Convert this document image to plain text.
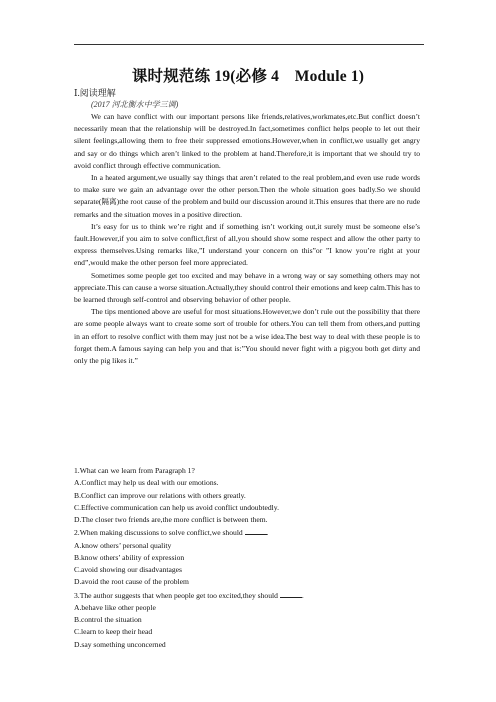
课时规范练 19(必修 4　Module 1)
Ⅰ.阅读理解
(2017 河北衡水中学三调)

We can have conflict with our important persons like friends,relatives,workmates,etc.But conflict doesn’t necessarily mean that the relationship will be destroyed.In fact,sometimes conflict helps people to let out their silent feelings,allowing them to free their suppressed emotions.However,when in conflict,we usually get angry and say or do things which aren’t linked to the problem at hand.Therefore,it is important that we should try to avoid conflict through effective communication.

In a heated argument,we usually say things that aren’t related to the real problem,and even use rude words to make sure we gain an advantage over the other person.Then the whole situation goes badly.So we should separate(隔离)the root cause of the problem and build our discussion around it.This ensures that there are no rude remarks and the situation moves in a positive direction.

It’s easy for us to think we’re right and if something isn’t working out,it surely must be someone else’s fault.However,if you aim to solve conflict,first of all,you should show some respect and allow the other party to express themselves.Using remarks like,”I understand your concern on this”or ”I know you’re right at your end”,would make the other person feel more appreciated.

Sometimes some people get too excited and may behave in a wrong way or say something others may not appreciate.This can cause a worse situation.Actually,they should control their emotions and keep calm.This has to be learned through self-control and observing behavior of other people.

The tips mentioned above are useful for most situations.However,we don’t rule out the possibility that there are some people always want to create some sort of trouble for others.You can tell them from others,and putting in an effort to resolve conflict with them may just not be a wise idea.The best way to deal with these people is to forget them.A famous saying can help you and that is:”You should never fight with a pig;you both get dirty and only the pig likes it.”

1.What can we learn from Paragraph 1?

A.Conflict may help us deal with our emotions.

B.Conflict can improve our relations with others greatly.

C.Effective communication can help us avoid conflict undoubtedly.

D.The closer two friends are,the more conflict is between them.

2.When making discussions to solve conflict,we should	.

A.know others’ personal quality

B.know others’ ability of expression

C.avoid showing our disadvantages

D.avoid the root cause of the problem

3.The author suggests that when people get too excited,they should	.

A.behave like other people

B.control the situation

C.learn to keep their head

D.say something unconcerned
